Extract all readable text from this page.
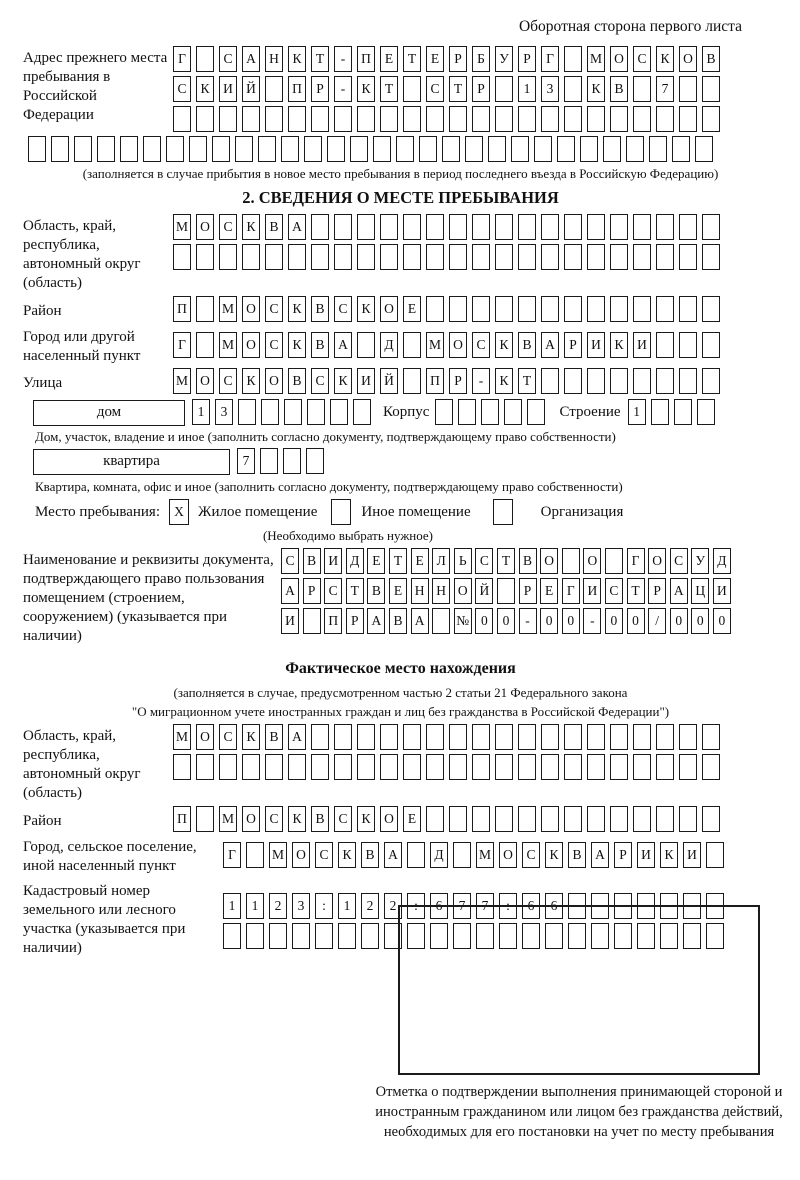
Оборотная сторона первого листа
Адрес прежнего места пребывания в Российской Федерации
Г	С	А Н	К	Т	-	П	Е	Т	Е	Р	Б	У	Р	Г	М О	С	К	О	В
С	К	И Й	П	Р	-	К	Т	С	Т	Р	1	3	К	В	7
(заполняется в случае прибытия в новое место пребывания в период последнего въезда в Российскую Федерацию)
2. СВЕДЕНИЯ О МЕСТЕ ПРЕБЫВАНИЯ
Область, край, республика, автономный округ (область)
М О	С	К	В	А
Район	П	М О	С	К	В	С	К	О	Е
Город или другой населенный пункт
Г	М О	С	К	В	А	Д	М О	С	К	В	А	Р	И	К	И
Улица	М О	С	К	О	В	С	К	И Й	П	Р	-	К	Т
дом	1	3	Корпус	Строение 1
Дом, участок, владение и иное (заполнить согласно документу, подтверждающему право собственности)
квартира	7
Квартира, комната, офис и иное (заполнить согласно документу, подтверждающему право собственности)
Место пребывания:	X Жилое помещение	Иное помещение	Организация
(Необходимо выбрать нужное)
Наименование и реквизиты документа, подтверждающего право пользования помещением (строением, сооружением) (указывается при наличии)
С В И Д Е Т Е Л Ь С Т В О	О	Г О С У Д
А Р С Т В Е Н Н О Й	Р	Е	Г И С Т	Р А Ц И
И	П Р А В А	№ 0	0	-	0	0	-	0	0	/	0	0	0
Фактическое место нахождения
(заполняется в случае, предусмотренном частью 2 статьи 21 Федерального закона
"О миграционном учете иностранных граждан и лиц без гражданства в Российской Федерации")
Область, край, республика, автономный округ (область)
М О	С	К	В	А
Район	П	М О	С	К	В	С	К	О	Е
Город, сельское поселение, иной населенный пункт
Г	М О	С	К	В	А	Д	М О	С	К	В	А	Р	И	К	И
Кадастровый номер земельного или лесного участка (указывается при наличии)
1	1	2	3	:	1	2	2	:	6	7	7	:	6	6
Отметка о подтверждении выполнения принимающей стороной и иностранным гражданином или лицом без гражданства действий, необходимых для его постановки на учет по месту пребывания
